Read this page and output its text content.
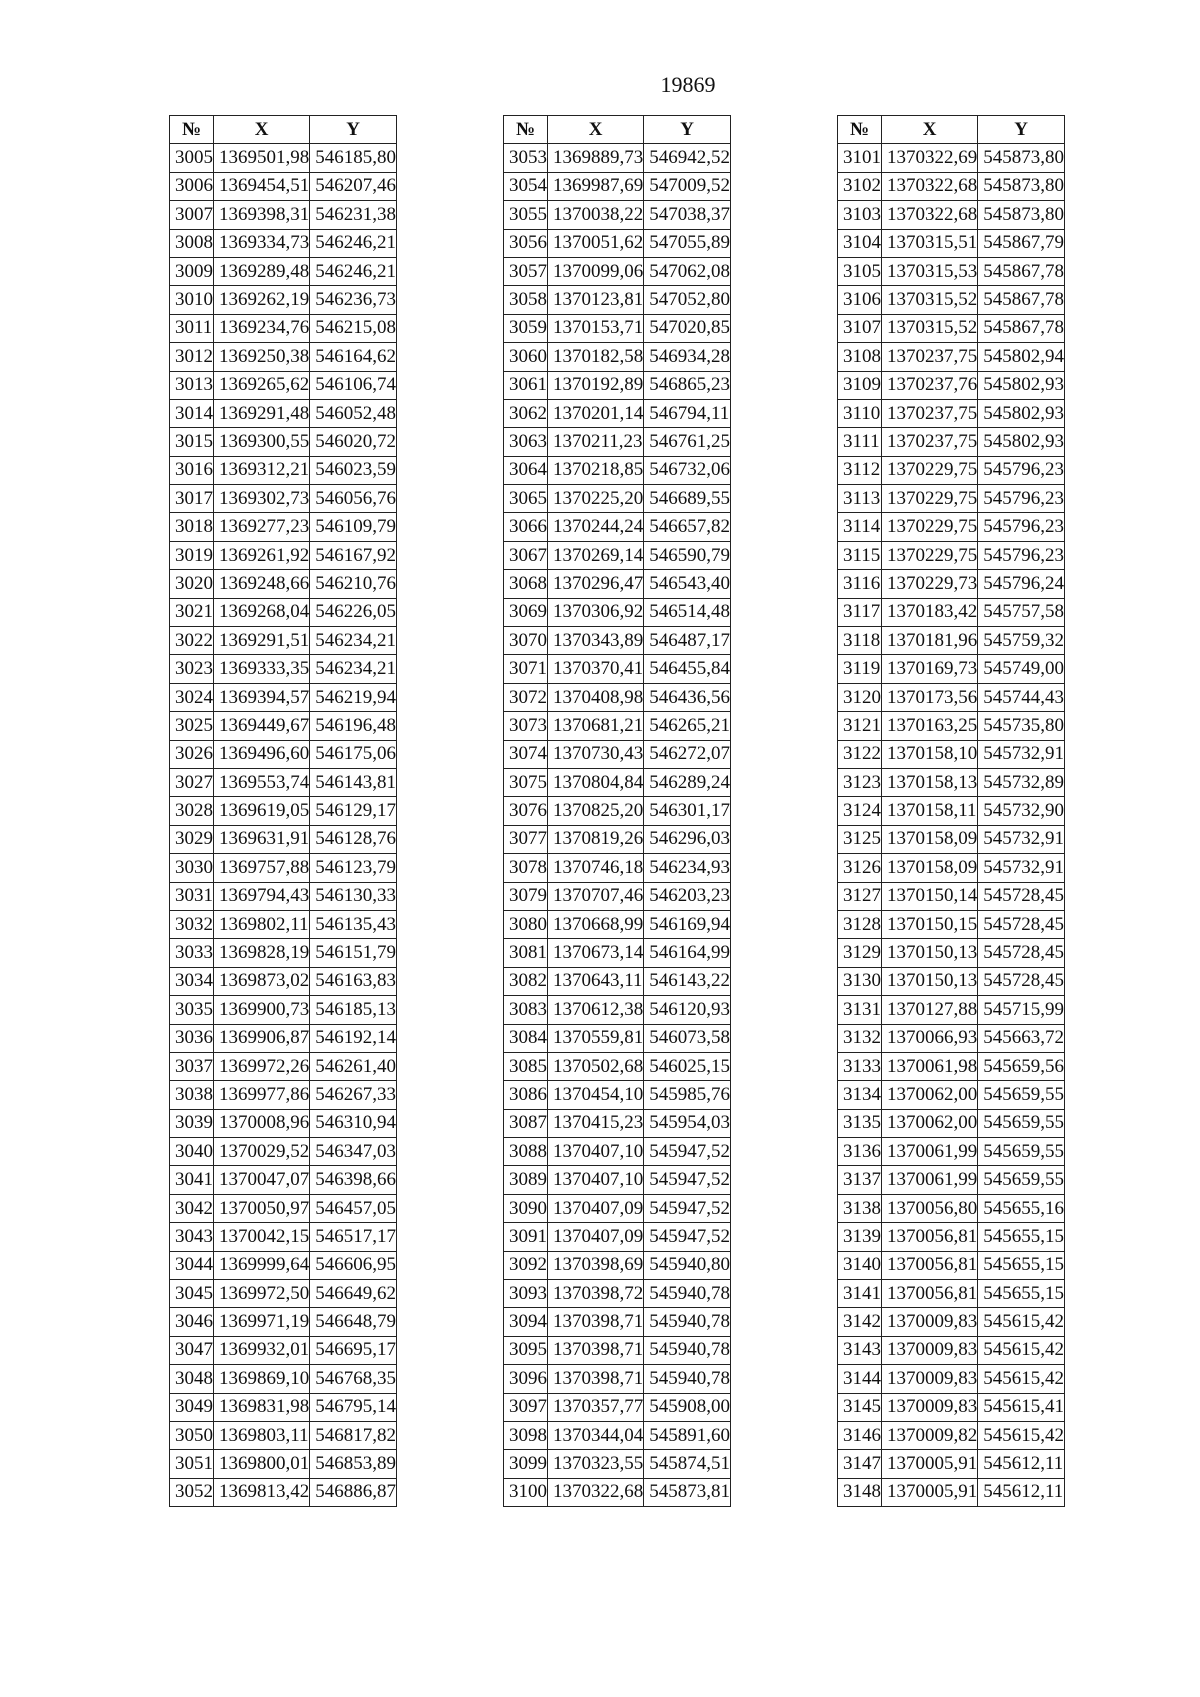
19869
№	X	Y
3005	1369501,98	546185,80
3006	1369454,51	546207,46
3007	1369398,31	546231,38
3008	1369334,73	546246,21
3009	1369289,48	546246,21
3010	1369262,19	546236,73
3011	1369234,76	546215,08
3012	1369250,38	546164,62
3013	1369265,62	546106,74
3014	1369291,48	546052,48
3015	1369300,55	546020,72
3016	1369312,21	546023,59
3017	1369302,73	546056,76
3018	1369277,23	546109,79
3019	1369261,92	546167,92
3020	1369248,66	546210,76
3021	1369268,04	546226,05
3022	1369291,51	546234,21
3023	1369333,35	546234,21
3024	1369394,57	546219,94
3025	1369449,67	546196,48
3026	1369496,60	546175,06
3027	1369553,74	546143,81
3028	1369619,05	546129,17
3029	1369631,91	546128,76
3030	1369757,88	546123,79
3031	1369794,43	546130,33
3032	1369802,11	546135,43
3033	1369828,19	546151,79
3034	1369873,02	546163,83
3035	1369900,73	546185,13
3036	1369906,87	546192,14
3037	1369972,26	546261,40
3038	1369977,86	546267,33
3039	1370008,96	546310,94
3040	1370029,52	546347,03
3041	1370047,07	546398,66
3042	1370050,97	546457,05
3043	1370042,15	546517,17
3044	1369999,64	546606,95
3045	1369972,50	546649,62
3046	1369971,19	546648,79
3047	1369932,01	546695,17
3048	1369869,10	546768,35
3049	1369831,98	546795,14
3050	1369803,11	546817,82
3051	1369800,01	546853,89
3052	1369813,42	546886,87
№	X	Y
3053	1369889,73	546942,52
3054	1369987,69	547009,52
3055	1370038,22	547038,37
3056	1370051,62	547055,89
3057	1370099,06	547062,08
3058	1370123,81	547052,80
3059	1370153,71	547020,85
3060	1370182,58	546934,28
3061	1370192,89	546865,23
3062	1370201,14	546794,11
3063	1370211,23	546761,25
3064	1370218,85	546732,06
3065	1370225,20	546689,55
3066	1370244,24	546657,82
3067	1370269,14	546590,79
3068	1370296,47	546543,40
3069	1370306,92	546514,48
3070	1370343,89	546487,17
3071	1370370,41	546455,84
3072	1370408,98	546436,56
3073	1370681,21	546265,21
3074	1370730,43	546272,07
3075	1370804,84	546289,24
3076	1370825,20	546301,17
3077	1370819,26	546296,03
3078	1370746,18	546234,93
3079	1370707,46	546203,23
3080	1370668,99	546169,94
3081	1370673,14	546164,99
3082	1370643,11	546143,22
3083	1370612,38	546120,93
3084	1370559,81	546073,58
3085	1370502,68	546025,15
3086	1370454,10	545985,76
3087	1370415,23	545954,03
3088	1370407,10	545947,52
3089	1370407,10	545947,52
3090	1370407,09	545947,52
3091	1370407,09	545947,52
3092	1370398,69	545940,80
3093	1370398,72	545940,78
3094	1370398,71	545940,78
3095	1370398,71	545940,78
3096	1370398,71	545940,78
3097	1370357,77	545908,00
3098	1370344,04	545891,60
3099	1370323,55	545874,51
3100	1370322,68	545873,81
№	X	Y
3101	1370322,69	545873,80
3102	1370322,68	545873,80
3103	1370322,68	545873,80
3104	1370315,51	545867,79
3105	1370315,53	545867,78
3106	1370315,52	545867,78
3107	1370315,52	545867,78
3108	1370237,75	545802,94
3109	1370237,76	545802,93
3110	1370237,75	545802,93
3111	1370237,75	545802,93
3112	1370229,75	545796,23
3113	1370229,75	545796,23
3114	1370229,75	545796,23
3115	1370229,75	545796,23
3116	1370229,73	545796,24
3117	1370183,42	545757,58
3118	1370181,96	545759,32
3119	1370169,73	545749,00
3120	1370173,56	545744,43
3121	1370163,25	545735,80
3122	1370158,10	545732,91
3123	1370158,13	545732,89
3124	1370158,11	545732,90
3125	1370158,09	545732,91
3126	1370158,09	545732,91
3127	1370150,14	545728,45
3128	1370150,15	545728,45
3129	1370150,13	545728,45
3130	1370150,13	545728,45
3131	1370127,88	545715,99
3132	1370066,93	545663,72
3133	1370061,98	545659,56
3134	1370062,00	545659,55
3135	1370062,00	545659,55
3136	1370061,99	545659,55
3137	1370061,99	545659,55
3138	1370056,80	545655,16
3139	1370056,81	545655,15
3140	1370056,81	545655,15
3141	1370056,81	545655,15
3142	1370009,83	545615,42
3143	1370009,83	545615,42
3144	1370009,83	545615,42
3145	1370009,83	545615,41
3146	1370009,82	545615,42
3147	1370005,91	545612,11
3148	1370005,91	545612,11
